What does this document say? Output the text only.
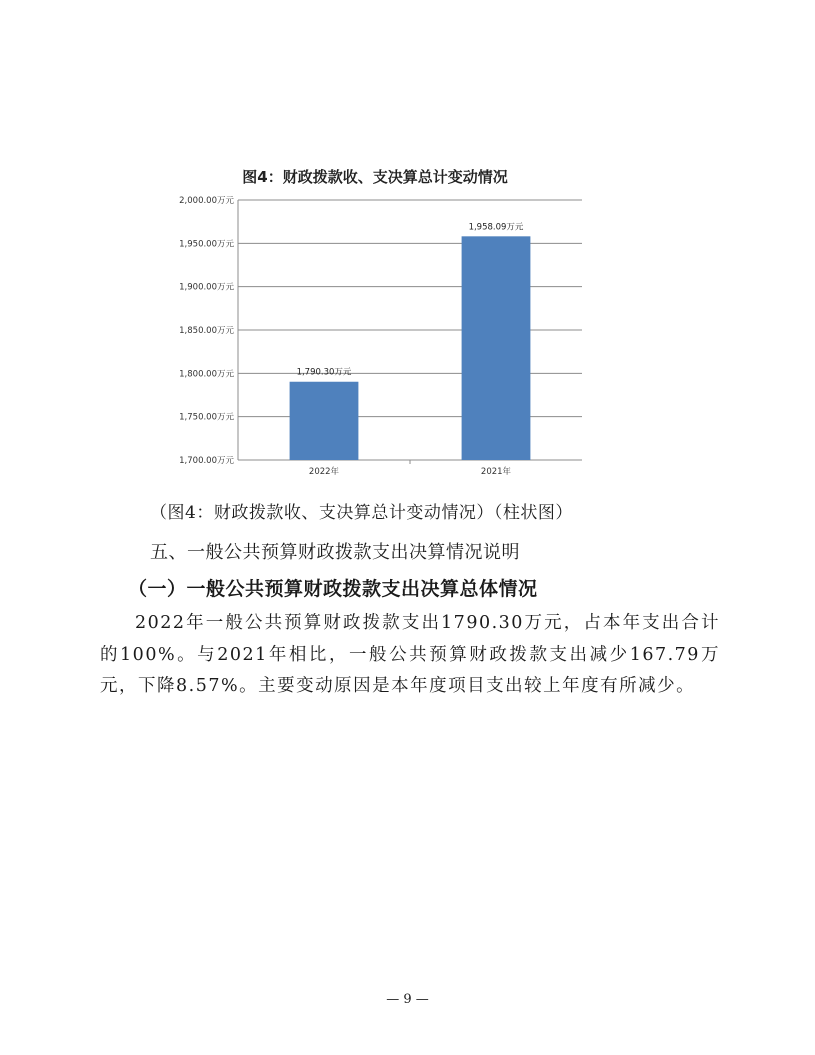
图4：财政拨款收、支决算总计变动情况
1,700.00万元
1,750.00万元
1,800.00万元
1,850.00万元
1,900.00万元
1,950.00万元
2,000.00万元
1,790.30万元
2022年
1,958.09万元
2021年
（图4：财政拨款收、支决算总计变动情况）（柱状图）
五、一般公共预算财政拨款支出决算情况说明
（一）一般公共预算财政拨款支出决算总体情况
2022年一般公共预算财政拨款支出1790.30万元，占本年支出合计的100%。与2021年相比，一般公共预算财政拨款支出减少167.79万元，下降8.57%。主要变动原因是本年度项目支出较上年度有所减少。
— 9 —
